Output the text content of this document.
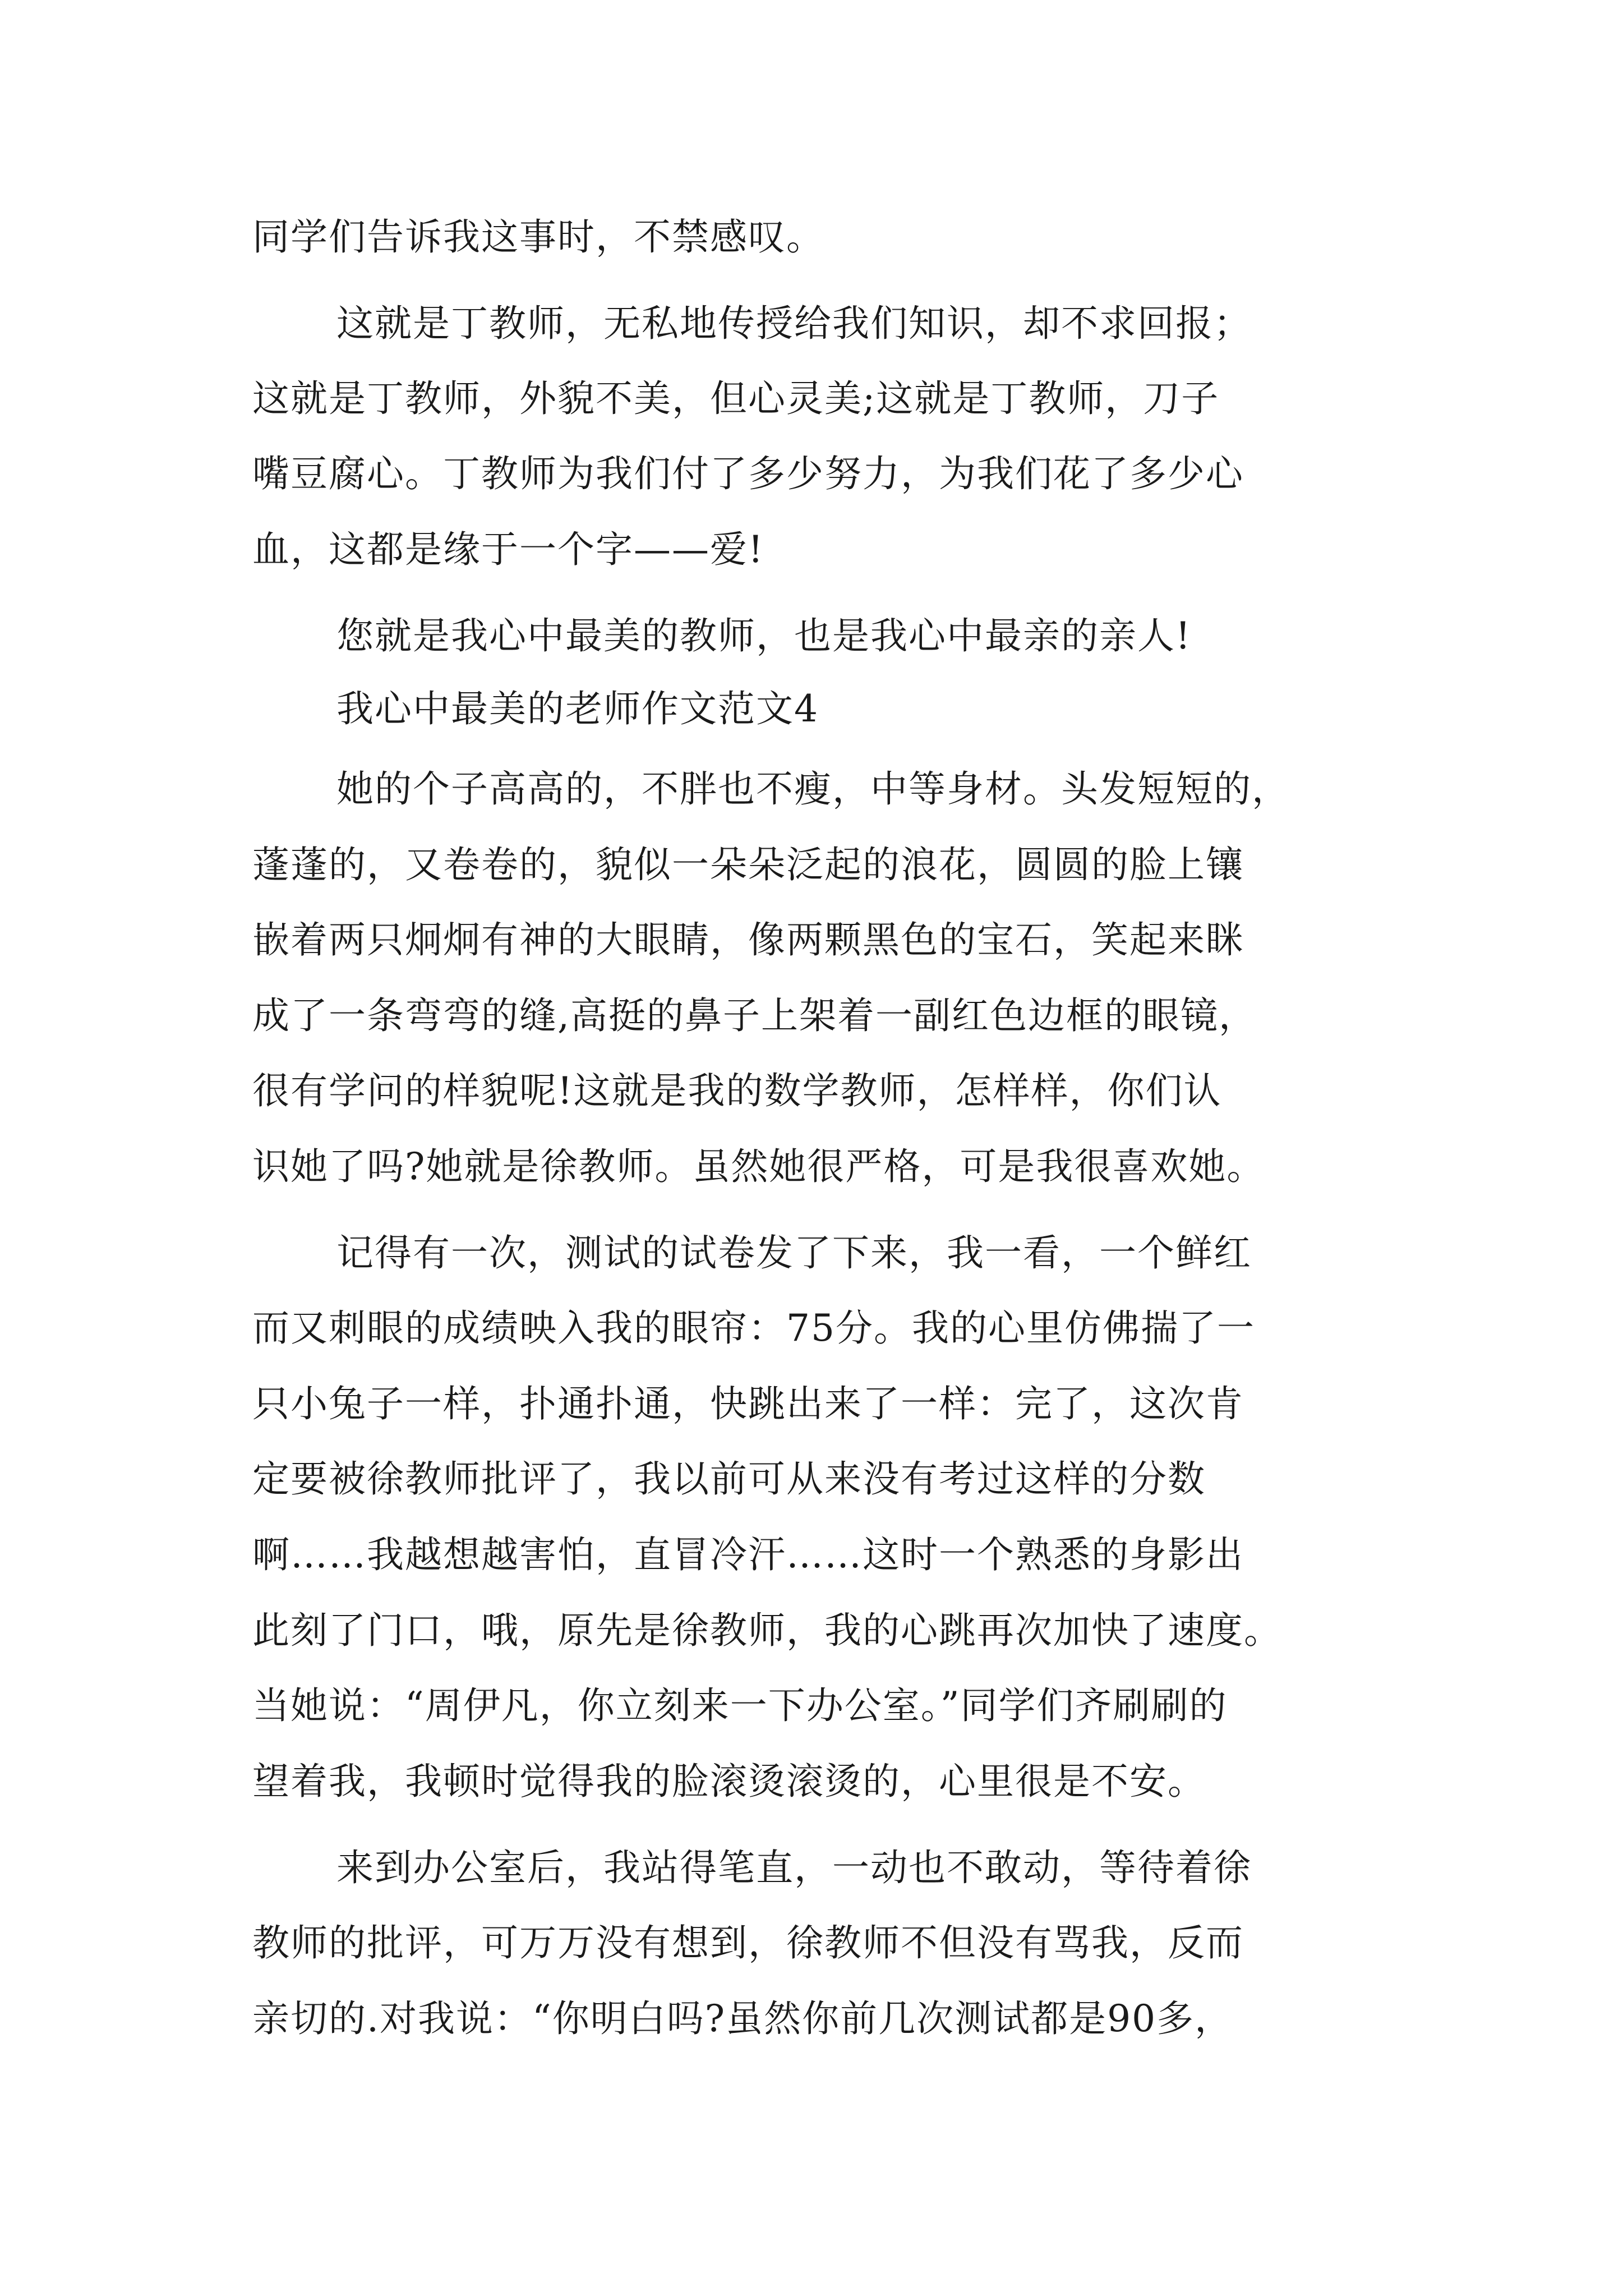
同学们告诉我这事时，不禁感叹。
这就是丁教师，无私地传授给我们知识，却不求回报；
这就是丁教师，外貌不美，但心灵美;这就是丁教师，刀子
嘴豆腐心。丁教师为我们付了多少努力，为我们花了多少心
血，这都是缘于一个字——爱!
您就是我心中最美的教师，也是我心中最亲的亲人!
我心中最美的老师作文范文4
她的个子高高的，不胖也不瘦，中等身材。头发短短的，
蓬蓬的，又卷卷的，貌似一朵朵泛起的浪花，圆圆的脸上镶
嵌着两只炯炯有神的大眼睛，像两颗黑色的宝石，笑起来眯
成了一条弯弯的缝,高挺的鼻子上架着一副红色边框的眼镜，
很有学问的样貌呢!这就是我的数学教师，怎样样，你们认
识她了吗?她就是徐教师。虽然她很严格，可是我很喜欢她。
记得有一次，测试的试卷发了下来，我一看，一个鲜红
而又刺眼的成绩映入我的眼帘：75分。我的心里仿佛揣了一
只小兔子一样，扑通扑通，快跳出来了一样：完了，这次肯
定要被徐教师批评了，我以前可从来没有考过这样的分数
啊……我越想越害怕，直冒冷汗……这时一个熟悉的身影出
此刻了门口，哦，原先是徐教师，我的心跳再次加快了速度。
当她说：“周伊凡，你立刻来一下办公室。”同学们齐刷刷的
望着我，我顿时觉得我的脸滚烫滚烫的，心里很是不安。
来到办公室后，我站得笔直，一动也不敢动，等待着徐
教师的批评，可万万没有想到，徐教师不但没有骂我，反而
亲切的.对我说：“你明白吗?虽然你前几次测试都是90多，
